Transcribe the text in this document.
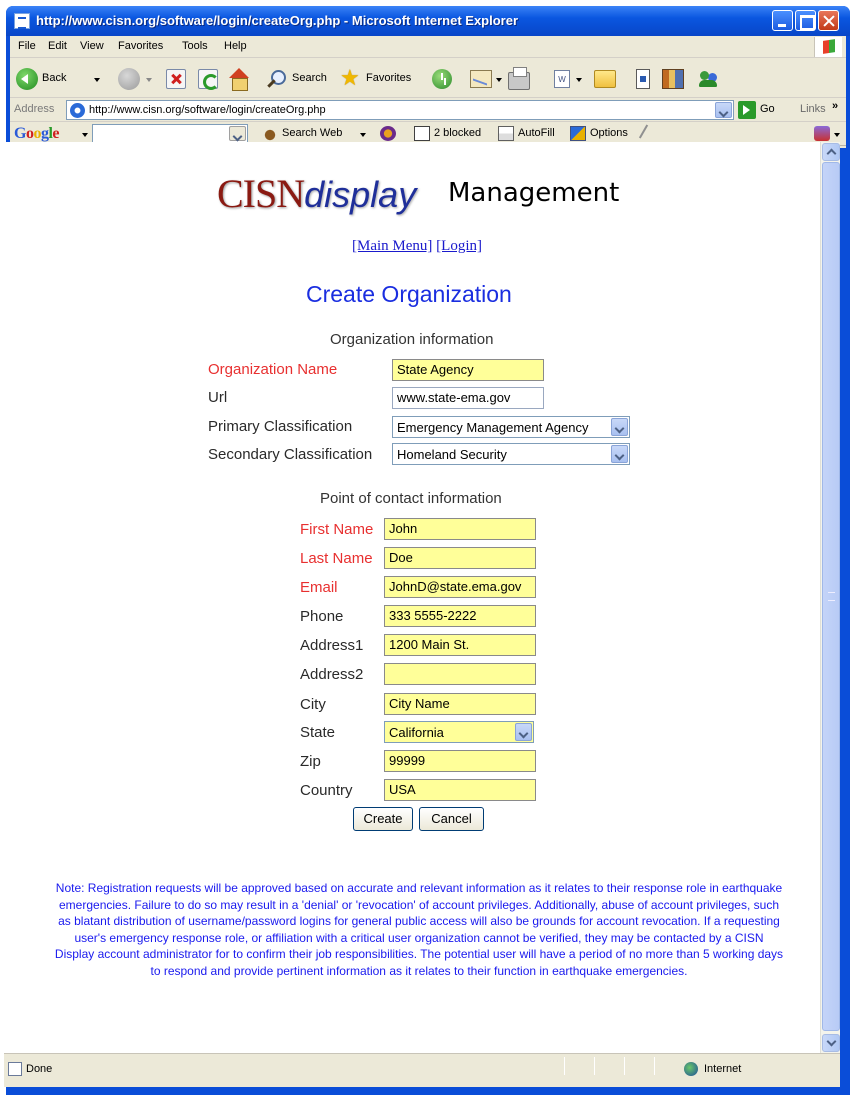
http://www.cisn.org/software/login/createOrg.php - Microsoft Internet Explorer
File Edit View Favorites Tools Help
Back	Search ★ Favorites	W
Address	http://www.cisn.org/software/login/createOrg.php	Go Links »
Google	Search Web	2 blocked	AutoFill	Options
CISNdisplay Management
[Main Menu] [Login]
Create Organization
Organization information
Organization Name	State Agency
Url	www.state-ema.gov
Primary Classification	Emergency Management Agency
Secondary Classification	Homeland Security
Point of contact information
First Name	John
Last Name	Doe
Email	JohnD@state.ema.gov
Phone	333 5555-2222
Address1	1200 Main St.
Address2
City	City Name
State	California
Zip	99999
Country	USA
Create	Cancel
Note: Registration requests will be approved based on accurate and relevant information as it relates to their response role in earthquake emergencies. Failure to do so may result in a 'denial' or 'revocation' of account privileges. Additionally, abuse of account privileges, such as blatant distribution of username/password logins for general public access will also be grounds for account revocation. If a requesting user's emergency response role, or affiliation with a critical user organization cannot be verified, they may be contacted by a CISN Display account administrator for to confirm their job responsibilities. The potential user will have a period of no more than 5 working days to respond and provide pertinent information as it relates to their function in earthquake emergencies.
Done	Internet
